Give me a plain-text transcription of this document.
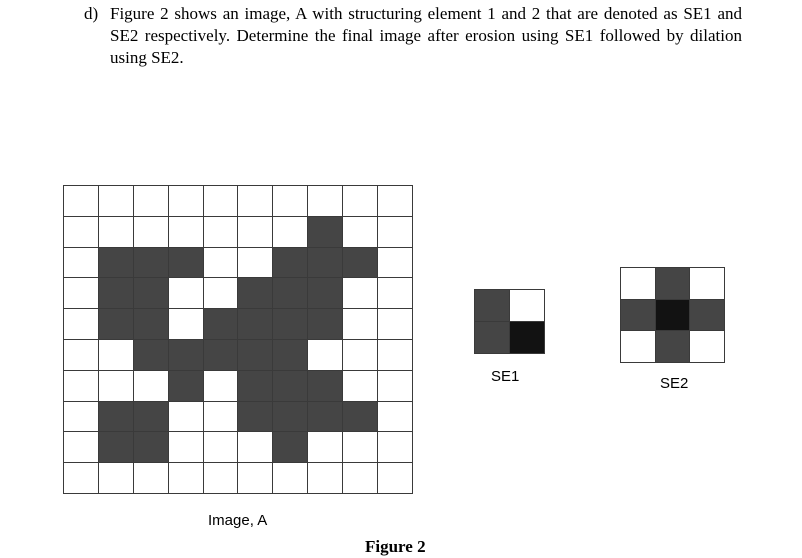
d) Figure 2 shows an image, A with structuring element 1 and 2 that are denoted as SE1 and SE2 respectively. Determine the final image after erosion using SE1 followed by dilation using SE2.
Image, A
SE1	SE2
Figure 2
